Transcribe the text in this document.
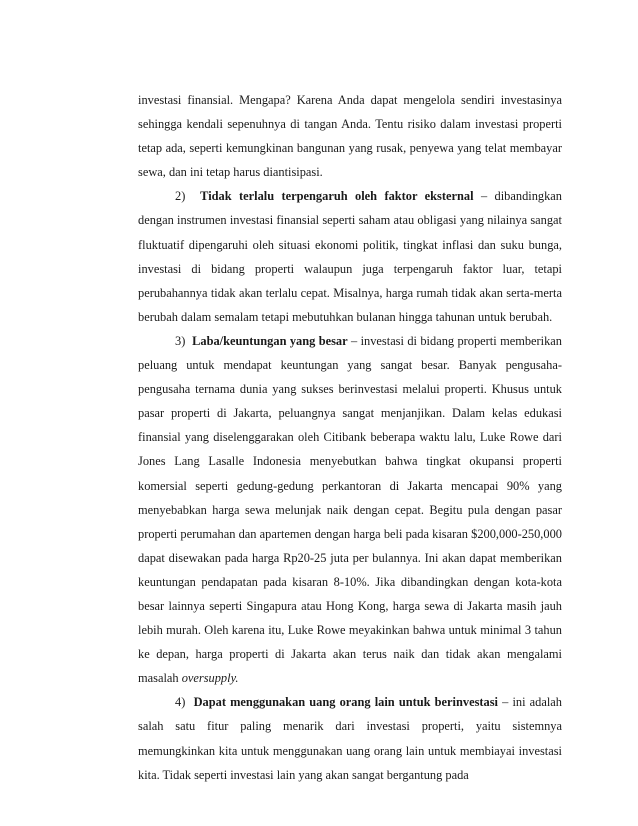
investasi finansial. Mengapa? Karena Anda dapat mengelola sendiri investasinya sehingga kendali sepenuhnya di tangan Anda. Tentu risiko dalam investasi properti tetap ada, seperti kemungkinan bangunan yang rusak, penyewa yang telat membayar sewa, dan ini tetap harus diantisipasi.

2) Tidak terlalu terpengaruh oleh faktor eksternal – dibandingkan dengan instrumen investasi finansial seperti saham atau obligasi yang nilainya sangat fluktuatif dipengaruhi oleh situasi ekonomi politik, tingkat inflasi dan suku bunga, investasi di bidang properti walaupun juga terpengaruh faktor luar, tetapi perubahannya tidak akan terlalu cepat. Misalnya, harga rumah tidak akan serta-merta berubah dalam semalam tetapi mebutuhkan bulanan hingga tahunan untuk berubah.

3) Laba/keuntungan yang besar – investasi di bidang properti memberikan peluang untuk mendapat keuntungan yang sangat besar. Banyak pengusaha-pengusaha ternama dunia yang sukses berinvestasi melalui properti. Khusus untuk pasar properti di Jakarta, peluangnya sangat menjanjikan. Dalam kelas edukasi finansial yang diselenggarakan oleh Citibank beberapa waktu lalu, Luke Rowe dari Jones Lang Lasalle Indonesia menyebutkan bahwa tingkat okupansi properti komersial seperti gedung-gedung perkantoran di Jakarta mencapai 90% yang menyebabkan harga sewa melunjak naik dengan cepat. Begitu pula dengan pasar properti perumahan dan apartemen dengan harga beli pada kisaran $200,000-250,000 dapat disewakan pada harga Rp20-25 juta per bulannya. Ini akan dapat memberikan keuntungan pendapatan pada kisaran 8-10%. Jika dibandingkan dengan kota-kota besar lainnya seperti Singapura atau Hong Kong, harga sewa di Jakarta masih jauh lebih murah. Oleh karena itu, Luke Rowe meyakinkan bahwa untuk minimal 3 tahun ke depan, harga properti di Jakarta akan terus naik dan tidak akan mengalami masalah oversupply.

4) Dapat menggunakan uang orang lain untuk berinvestasi – ini adalah salah satu fitur paling menarik dari investasi properti, yaitu sistemnya memungkinkan kita untuk menggunakan uang orang lain untuk membiayai investasi kita. Tidak seperti investasi lain yang akan sangat bergantung pada
